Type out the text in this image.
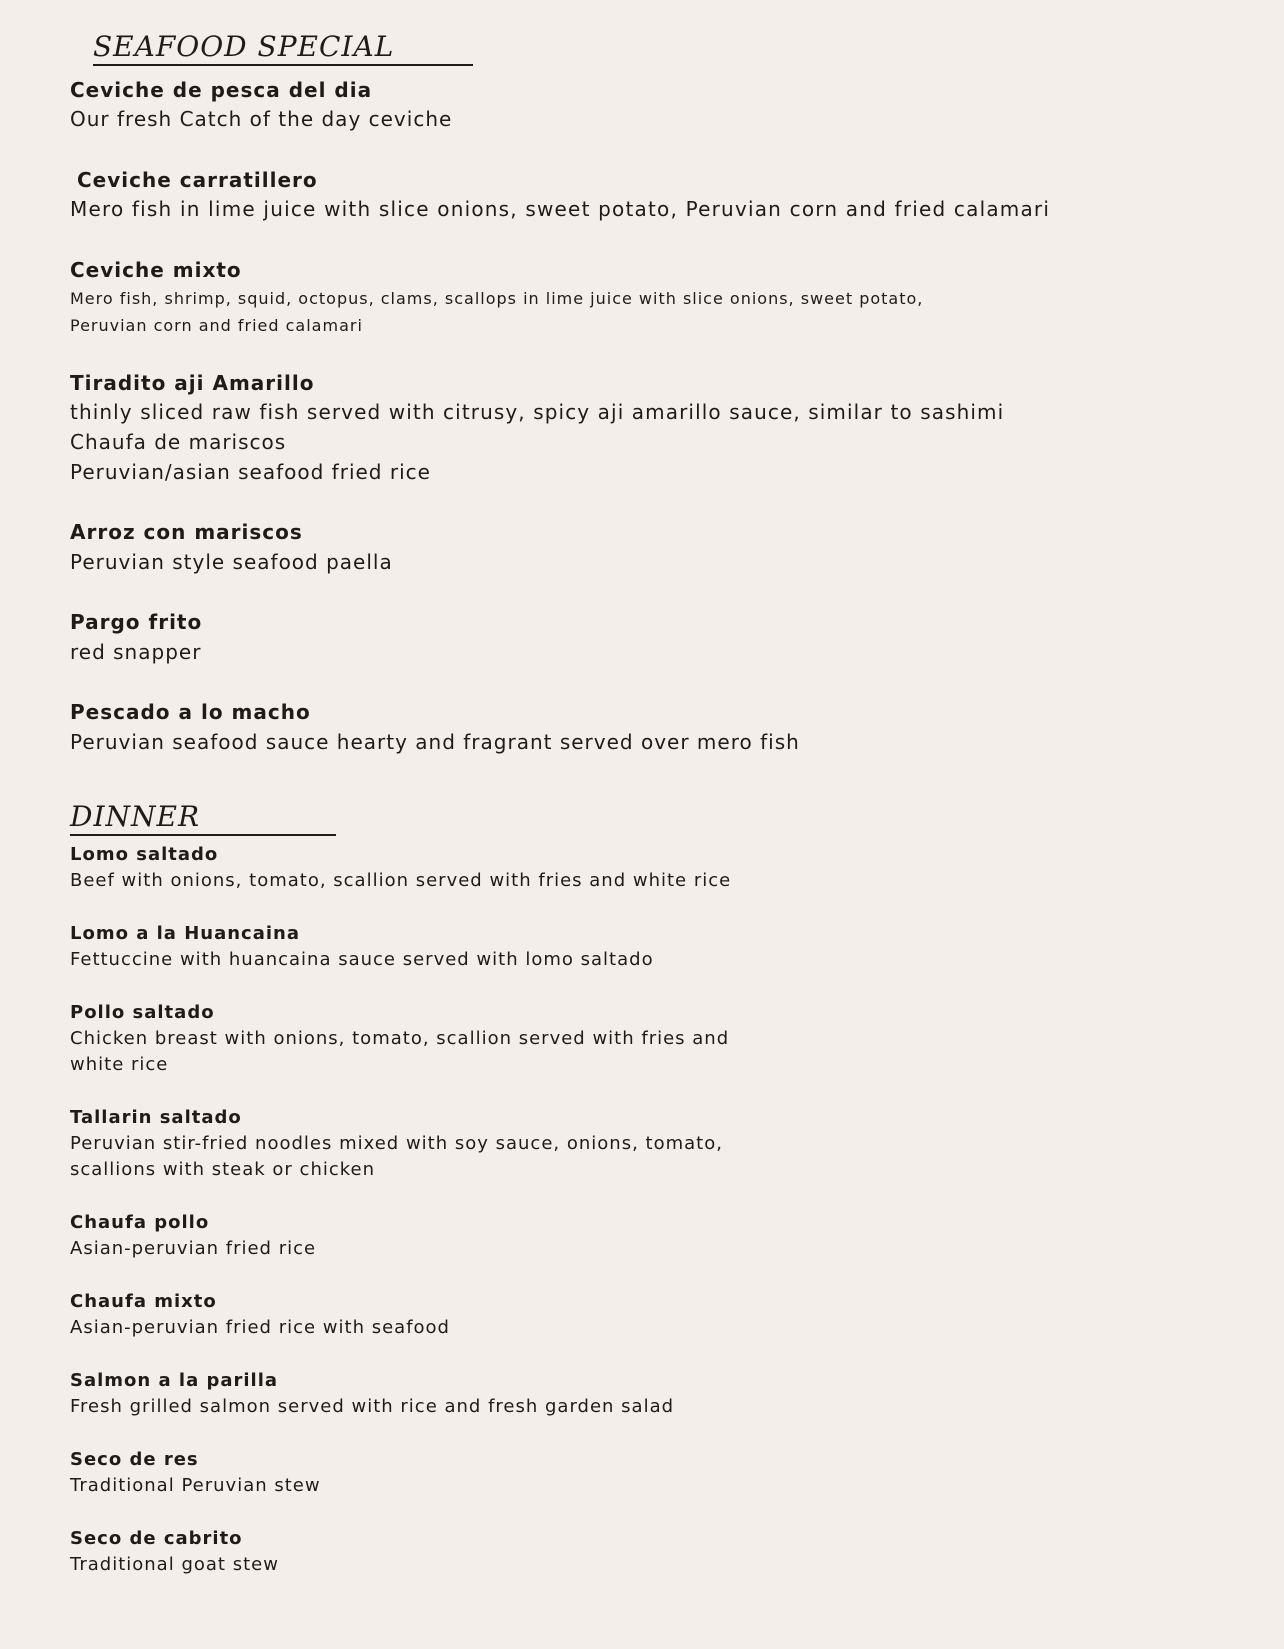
SEAFOOD SPECIAL

Ceviche de pesca del dia

Our fresh Catch of the day ceviche

Ceviche carratillero

Mero fish in lime juice with slice onions, sweet potato, Peruvian corn and fried calamari

Ceviche mixto

Mero fish, shrimp, squid, octopus, clams, scallops in lime juice with slice onions, sweet potato,

Peruvian corn and fried calamari

Tiradito aji Amarillo

thinly sliced raw fish served with citrusy, spicy aji amarillo sauce, similar to sashimi

Chaufa de mariscos

Peruvian/asian seafood fried rice

Arroz con mariscos

Peruvian style seafood paella

Pargo frito

red snapper

Pescado a lo macho

Peruvian seafood sauce hearty and fragrant served over mero fish

DINNER

Lomo saltado

Beef with onions, tomato, scallion served with fries and white rice

Lomo a la Huancaina

Fettuccine with huancaina sauce served with lomo saltado

Pollo saltado

Chicken breast with onions, tomato, scallion served with fries and

white rice

Tallarin saltado

Peruvian stir-fried noodles mixed with soy sauce, onions, tomato,

scallions with steak or chicken

Chaufa pollo

Asian-peruvian fried rice

Chaufa mixto

Asian-peruvian fried rice with seafood

Salmon a la parilla

Fresh grilled salmon served with rice and fresh garden salad

Seco de res

Traditional Peruvian stew

Seco de cabrito

Traditional goat stew
